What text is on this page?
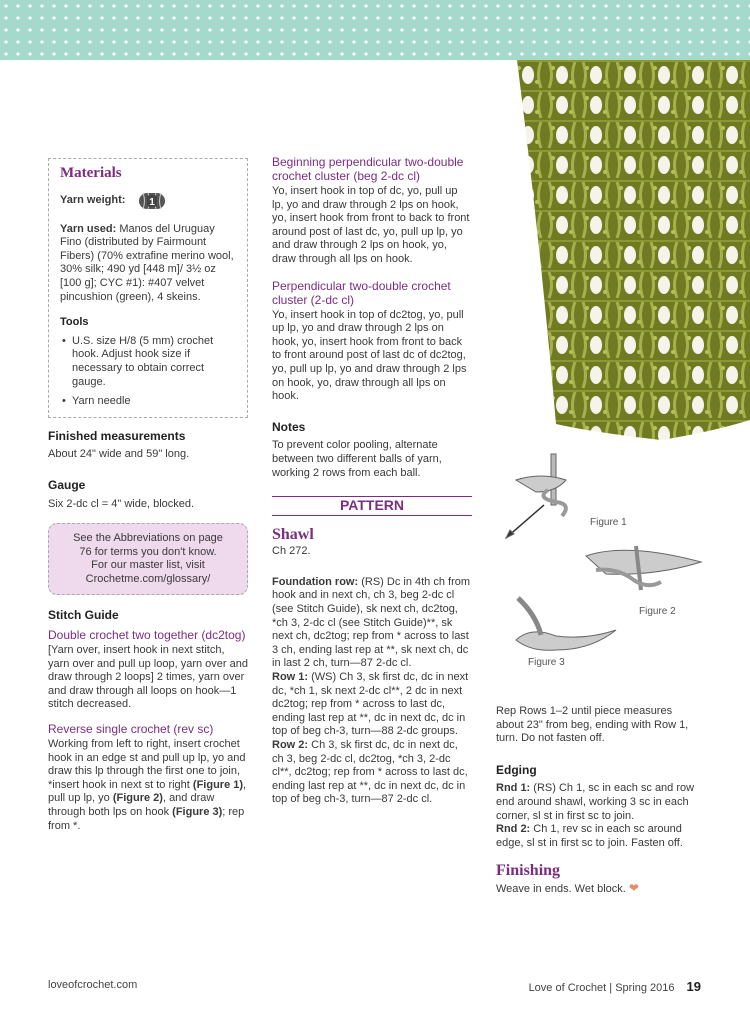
Materials
Yarn weight: 1

Yarn used: Manos del Uruguay Fino (distributed by Fairmount Fibers) (70% extrafine merino wool, 30% silk; 490 yd [448 m]/ 3½ oz [100 g]; CYC #1): #407 velvet pincushion (green), 4 skeins.

Tools
• U.S. size H/8 (5 mm) crochet hook. Adjust hook size if necessary to obtain correct gauge.
• Yarn needle
Finished measurements

About 24" wide and 59" long.

Gauge

Six 2-dc cl = 4" wide, blocked.

See the Abbreviations on page
76 for terms you don't know.
For our master list, visit
Crochetme.com/glossary/
Stitch Guide
Double crochet two together (dc2tog)

[Yarn over, insert hook in next stitch, yarn over and pull up loop, yarn over and draw through 2 loops] 2 times, yarn over and draw through all loops on hook—1 stitch decreased.

Reverse single crochet (rev sc)

Working from left to right, insert crochet hook in an edge st and pull up lp, yo and draw this lp through the first one to join, *insert hook in next st to right (Figure 1), pull up lp, yo (Figure 2), and draw through both lps on hook (Figure 3); rep from *.

Beginning perpendicular two-double crochet cluster (beg 2-dc cl)

Yo, insert hook in top of dc, yo, pull up lp, yo and draw through 2 lps on hook, yo, insert hook from front to back to front around post of last dc, yo, pull up lp, yo and draw through 2 lps on hook, yo, draw through all lps on hook.

Perpendicular two-double crochet cluster (2-dc cl)

Yo, insert hook in top of dc2tog, yo, pull up lp, yo and draw through 2 lps on hook, yo, insert hook from front to back to front around post of last dc of dc2tog, yo, pull up lp, yo and draw through 2 lps on hook, yo, draw through all lps on hook.

Notes

To prevent color pooling, alternate between two different balls of yarn, working 2 rows from each ball.

PATTERN
Shawl

Ch 272.

Foundation row: (RS) Dc in 4th ch from hook and in next ch, ch 3, beg 2-dc cl (see Stitch Guide), sk next ch, dc2tog, *ch 3, 2-dc cl (see Stitch Guide)**, sk next ch, dc2tog; rep from * across to last 3 ch, ending last rep at **, sk next ch, dc in last 2 ch, turn—87 2-dc cl.

Row 1: (WS) Ch 3, sk first dc, dc in next dc, *ch 1, sk next 2-dc cl**, 2 dc in next dc2tog; rep from * across to last dc, ending last rep at **, dc in next dc, dc in top of beg ch-3, turn—88 2-dc groups.

Row 2: Ch 3, sk first dc, dc in next dc, ch 3, beg 2-dc cl, dc2tog, *ch 3, 2-dc cl**, dc2tog; rep from * across to last dc, ending last rep at **, dc in next dc, dc in top of beg ch-3, turn—87 2-dc cl.

Figure 1
Figure 2
Figure 3

Rep Rows 1–2 until piece measures about 23" from beg, ending with Row 1, turn. Do not fasten off.

Edging

Rnd 1: (RS) Ch 1, sc in each sc and row end around shawl, working 3 sc in each corner, sl st in first sc to join.

Rnd 2: Ch 1, rev sc in each sc around edge, sl st in first sc to join. Fasten off.

Finishing

Weave in ends. Wet block. ❤

loveofcrochet.com	Love of Crochet | Spring 2016 19
